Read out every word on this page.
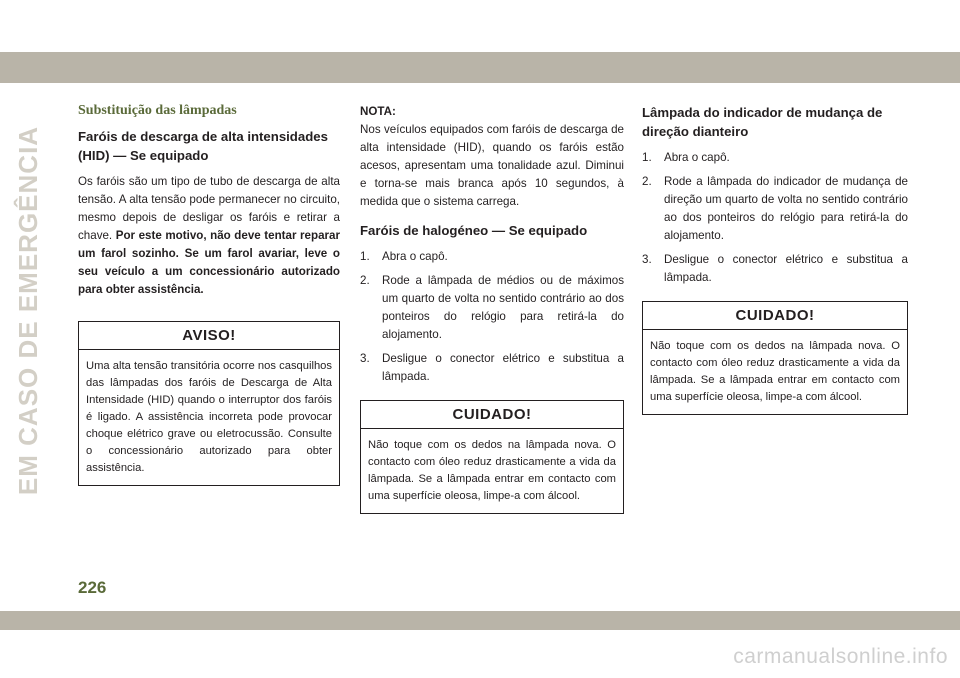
EM CASO DE EMERGÊNCIA
Substituição das lâmpadas
Faróis de descarga de alta intensidades (HID) — Se equipado

Os faróis são um tipo de tubo de descarga de alta tensão. A alta tensão pode permanecer no circuito, mesmo depois de desligar os faróis e retirar a chave. Por este motivo, não deve tentar reparar um farol sozinho. Se um farol avariar, leve o seu veículo a um concessionário autorizado para obter assistência.

AVISO!
Uma alta tensão transitória ocorre nos casquilhos das lâmpadas dos faróis de Descarga de Alta Intensidade (HID) quando o interruptor dos faróis é ligado. A assistência incorreta pode provocar choque elétrico grave ou eletrocussão. Consulte o concessionário autorizado para obter assistência.
NOTA:

Nos veículos equipados com faróis de descarga de alta intensidade (HID), quando os faróis estão acesos, apresentam uma tonalidade azul. Diminui e torna-se mais branca após 10 segundos, à medida que o sistema carrega.

Faróis de halogéneo — Se equipado
1. Abra o capô.
2. Rode a lâmpada de médios ou de máximos um quarto de volta no sentido contrário ao dos ponteiros do relógio para retirá-la do alojamento.
3. Desligue o conector elétrico e substitua a lâmpada.
CUIDADO!
Não toque com os dedos na lâmpada nova. O contacto com óleo reduz drasticamente a vida da lâmpada. Se a lâmpada entrar em contacto com uma superfície oleosa, limpe-a com álcool.
Lâmpada do indicador de mudança de direção dianteiro
1. Abra o capô.
2. Rode a lâmpada do indicador de mudança de direção um quarto de volta no sentido contrário ao dos ponteiros do relógio para retirá-la do alojamento.
3. Desligue o conector elétrico e substitua a lâmpada.
CUIDADO!
Não toque com os dedos na lâmpada nova. O contacto com óleo reduz drasticamente a vida da lâmpada. Se a lâmpada entrar em contacto com uma superfície oleosa, limpe-a com álcool.
226
carmanualsonline.info
